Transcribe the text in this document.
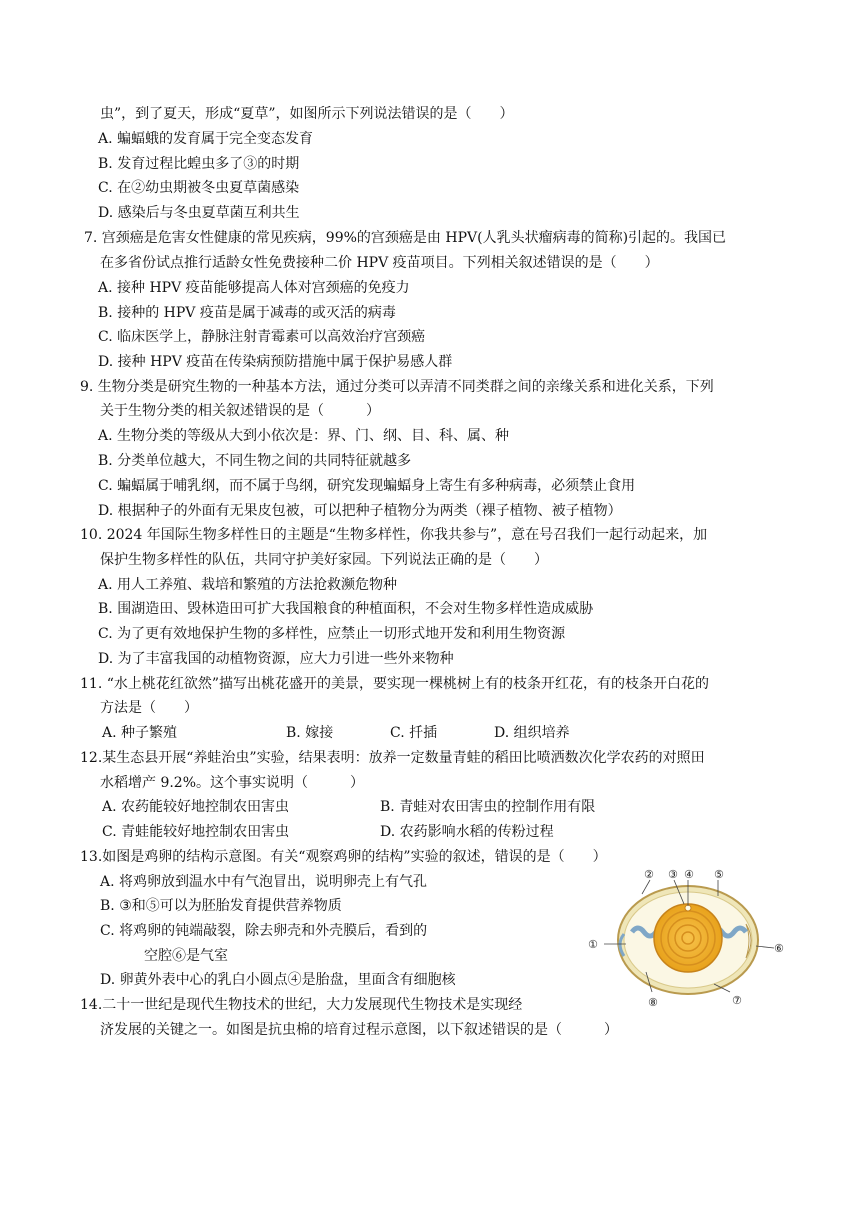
虫”，到了夏天，形成“夏草”，如图所示下列说法错误的是（　　）
A. 蝙蝠蛾的发育属于完全变态发育
B. 发育过程比蝗虫多了③的时期
C. 在②幼虫期被冬虫夏草菌感染
D. 感染后与冬虫夏草菌互利共生
7. 宫颈癌是危害女性健康的常见疾病，99%的宫颈癌是由 HPV(人乳头状瘤病毒的简称)引起的。我国已
在多省份试点推行适龄女性免费接种二价 HPV 疫苗项目。下列相关叙述错误的是（　　）
A. 接种 HPV 疫苗能够提高人体对宫颈癌的免疫力
B. 接种的 HPV 疫苗是属于减毒的或灭活的病毒
C. 临床医学上，静脉注射青霉素可以高效治疗宫颈癌
D. 接种 HPV 疫苗在传染病预防措施中属于保护易感人群
9. 生物分类是研究生物的一种基本方法，通过分类可以弄清不同类群之间的亲缘关系和进化关系，下列
关于生物分类的相关叙述错误的是（　　　）
A. 生物分类的等级从大到小依次是：界、门、纲、目、科、属、种
B. 分类单位越大，不同生物之间的共同特征就越多
C. 蝙蝠属于哺乳纲，而不属于鸟纲，研究发现蝙蝠身上寄生有多种病毒，必须禁止食用
D. 根据种子的外面有无果皮包被，可以把种子植物分为两类（裸子植物、被子植物）
10. 2024 年国际生物多样性日的主题是“生物多样性，你我共参与”，意在号召我们一起行动起来，加
保护生物多样性的队伍，共同守护美好家园。下列说法正确的是（　　）
A. 用人工养殖、栽培和繁殖的方法抢救濒危物种
B. 围湖造田、毁林造田可扩大我国粮食的种植面积，不会对生物多样性造成威胁
C. 为了更有效地保护生物的多样性，应禁止一切形式地开发和利用生物资源
D. 为了丰富我国的动植物资源，应大力引进一些外来物种
11. “水上桃花红欲然”描写出桃花盛开的美景，要实现一棵桃树上有的枝条开红花，有的枝条开白花的
方法是（　　）
A. 种子繁殖	B. 嫁接	C. 扦插	D. 组织培养
12.某生态县开展“养蛙治虫”实验，结果表明：放养一定数量青蛙的稻田比喷洒数次化学农药的对照田
水稻增产 9.2%。这个事实说明（　　　）
A. 农药能较好地控制农田害虫	B. 青蛙对农田害虫的控制作用有限
C. 青蛙能较好地控制农田害虫	D. 农药影响水稻的传粉过程
13.如图是鸡卵的结构示意图。有关“观察鸡卵的结构”实验的叙述，错误的是（　　）
A. 将鸡卵放到温水中有气泡冒出，说明卵壳上有气孔
B. ③和⑤可以为胚胎发育提供营养物质
C. 将鸡卵的钝端敲裂，除去卵壳和外壳膜后，看到的
空腔⑥是气室
D. 卵黄外表中心的乳白小圆点④是胎盘，里面含有细胞核
①
② ③ ④ ⑤
⑥
⑦
⑧
14.二十一世纪是现代生物技术的世纪，大力发展现代生物技术是实现经
济发展的关键之一。如图是抗虫棉的培育过程示意图，以下叙述错误的是（　　　）
